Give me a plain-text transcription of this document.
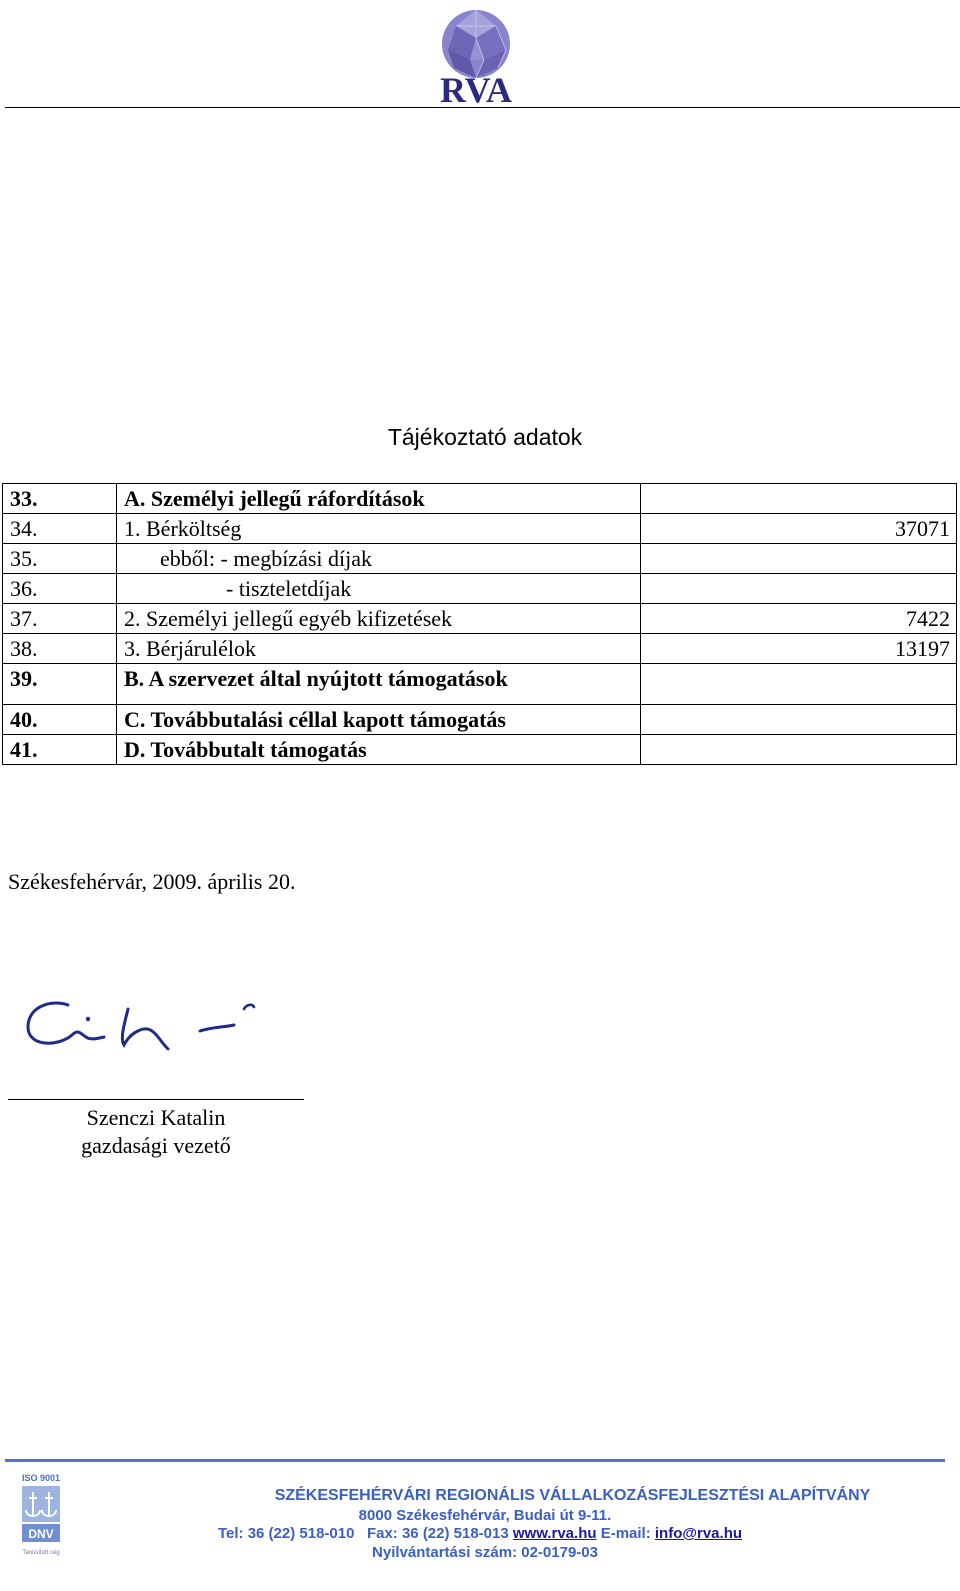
RVA
Tájékoztató adatok
33.	A. Személyi jellegű ráfordítások	
34.	1. Bérköltség	37071
35.	ebből: - megbízási díjak	
36.	- tiszteletdíjak	
37.	2. Személyi jellegű egyéb kifizetések	7422
38.	3. Bérjárulélok	13197
39.	B. A szervezet által nyújtott támogatások	
40.	C. Továbbutalási céllal kapott támogatás	
41.	D. Továbbutalt támogatás	
Székesfehérvár, 2009. április 20.
Szenczi Katalin
gazdasági vezető
ISO 9001
DNV
Tanúsított cég
SZÉKESFEHÉRVÁRI REGIONÁLIS VÁLLALKOZÁSFEJLESZTÉSI ALAPÍTVÁNY
8000 Székesfehérvár, Budai út 9-11.
Tel: 36 (22) 518-010 Fax: 36 (22) 518-013 www.rva.hu E-mail: info@rva.hu
Nyilvántartási szám: 02-0179-03
